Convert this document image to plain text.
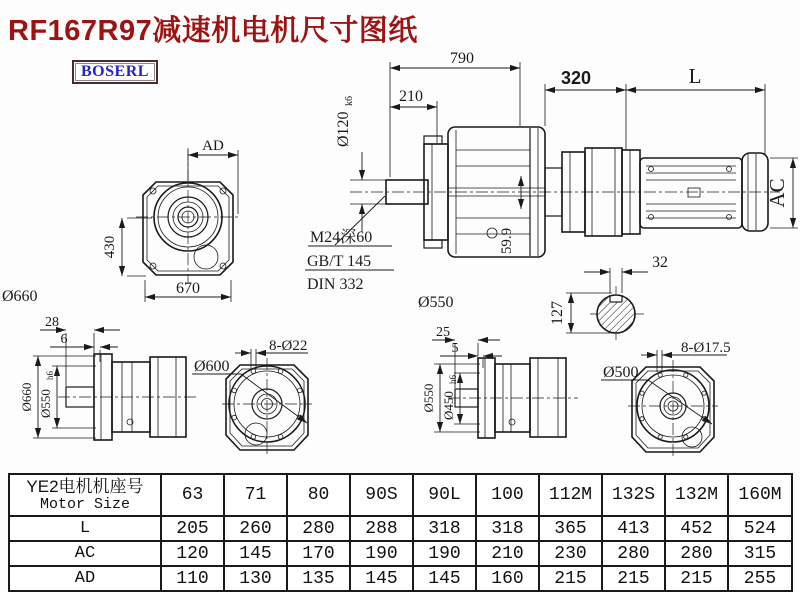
RF167R97减速机电机尺寸图纸
BOSERL
AD
430
670
59.9
790
210
320	L
AC
Ø120
k6
M24深60
GB/T 145
DIN 332
32
127
Ø660
28
6
Ø660 Ø550
h6
Ø600
8-Ø22
Ø550
25
5
Ø550 Ø450
h6	Ø500
8-Ø17.5
YE2电机机座号
Motor Size	63	71	80	90S	90L	100	112M	132S	132M	160M
L	205	260	280	288	318	318	365	413	452	524
AC	120	145	170	190	190	210	230	280	280	315
AD	110	130	135	145	145	160	215	215	215	255
